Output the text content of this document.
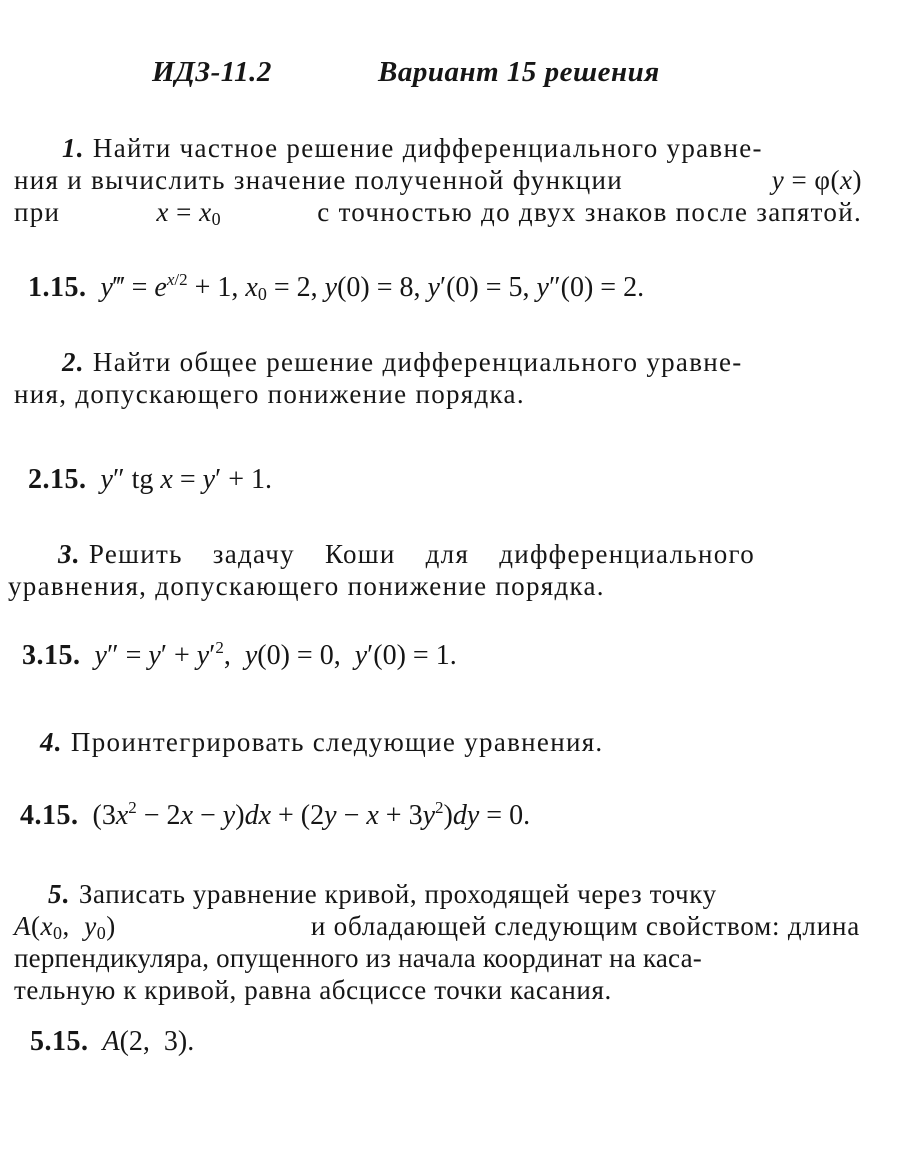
ИДЗ-11.2	Вариант 15 решения
1. Найти частное решение дифференциального уравне-
ния и вычислить значение полученной функции	y = φ(x)
при	$x = x_0$	с точностью до двух знаков после запятой.
1.15. y‴ = $e^{x/2} + 1$, $x_0 = 2$, y(0) = 8, y′(0) = 5, y″(0) = 2.
2. Найти общее решение дифференциального уравне-
ния, допускающего понижение порядка.
2.15. y″ tg x = y′ + 1.
3. Решить задачу Коши для дифференциального
уравнения, допускающего понижение порядка.
3.15. $y'' = y' + y'^2$,  y(0) = 0,  y′(0) = 1.
4. Проинтегрировать следующие уравнения.
4.15. $(3x^2 - 2x - y)dx + (2y - x + 3y^2)dy = 0$.
5. Записать уравнение кривой, проходящей через точку
$A(x_0$,  $y_0$)	и обладающей следующим свойством: длина
перпендикуляра, опущенного из начала координат на каса-
тельную к кривой, равна абсциссе точки касания.
5.15. A(2,  3).
